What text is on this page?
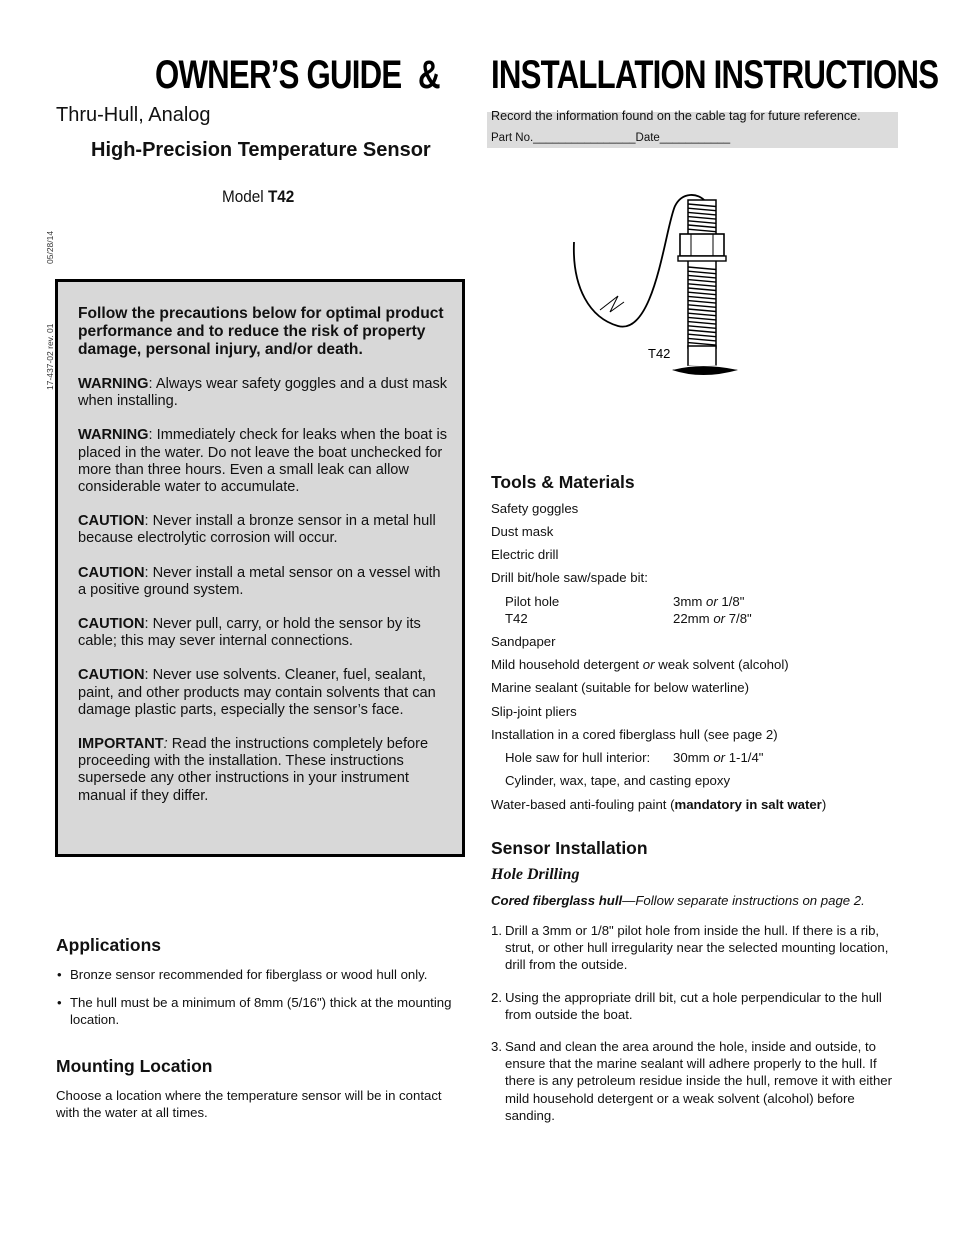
OWNER’S GUIDE & INSTALLATION INSTRUCTIONS
Thru-Hull, Analog
High-Precision Temperature Sensor
Model T42
05/28/14
17-437-02 rev. 01

Follow the precautions below for optimal product performance and to reduce the risk of property damage, personal injury, and/or death.

WARNING: Always wear safety goggles and a dust mask when installing.

WARNING: Immediately check for leaks when the boat is placed in the water. Do not leave the boat unchecked for more than three hours. Even a small leak can allow considerable water to accumulate.

CAUTION: Never install a bronze sensor in a metal hull because electrolytic corrosion will occur.

CAUTION: Never install a metal sensor on a vessel with a positive ground system.

CAUTION: Never pull, carry, or hold the sensor by its cable; this may sever internal connections.

CAUTION: Never use solvents. Cleaner, fuel, sealant, paint, and other products may contain solvents that can damage plastic parts, especially the sensor’s face.

IMPORTANT: Read the instructions completely before proceeding with the installation. These instructions supersede any other instructions in your instrument manual if they differ.

Applications
• Bronze sensor recommended for fiberglass or wood hull only.
• The hull must be a minimum of 8mm (5/16") thick at the mounting location.
Mounting Location
Choose a location where the temperature sensor will be in contact with the water at all times.
Record the information found on the cable tag for future reference.
Part No.________________Date___________
T42
Tools & Materials
Safety goggles
Dust mask
Electric drill
Drill bit/hole saw/spade bit:
Pilot hole	3mm or 1/8"
T42	22mm or 7/8"
Sandpaper
Mild household detergent or weak solvent (alcohol)
Marine sealant (suitable for below waterline)
Slip-joint pliers
Installation in a cored fiberglass hull (see page 2)
Hole saw for hull interior: 30mm or 1-1/4"
Cylinder, wax, tape, and casting epoxy
Water-based anti-fouling paint (mandatory in salt water)
Sensor Installation
Hole Drilling
Cored fiberglass hull—Follow separate instructions on page 2.
1. Drill a 3mm or 1/8" pilot hole from inside the hull. If there is a rib, strut, or other hull irregularity near the selected mounting location, drill from the outside.
2. Using the appropriate drill bit, cut a hole perpendicular to the hull from outside the boat.
3. Sand and clean the area around the hole, inside and outside, to ensure that the marine sealant will adhere properly to the hull. If there is any petroleum residue inside the hull, remove it with either mild household detergent or a weak solvent (alcohol) before sanding.
